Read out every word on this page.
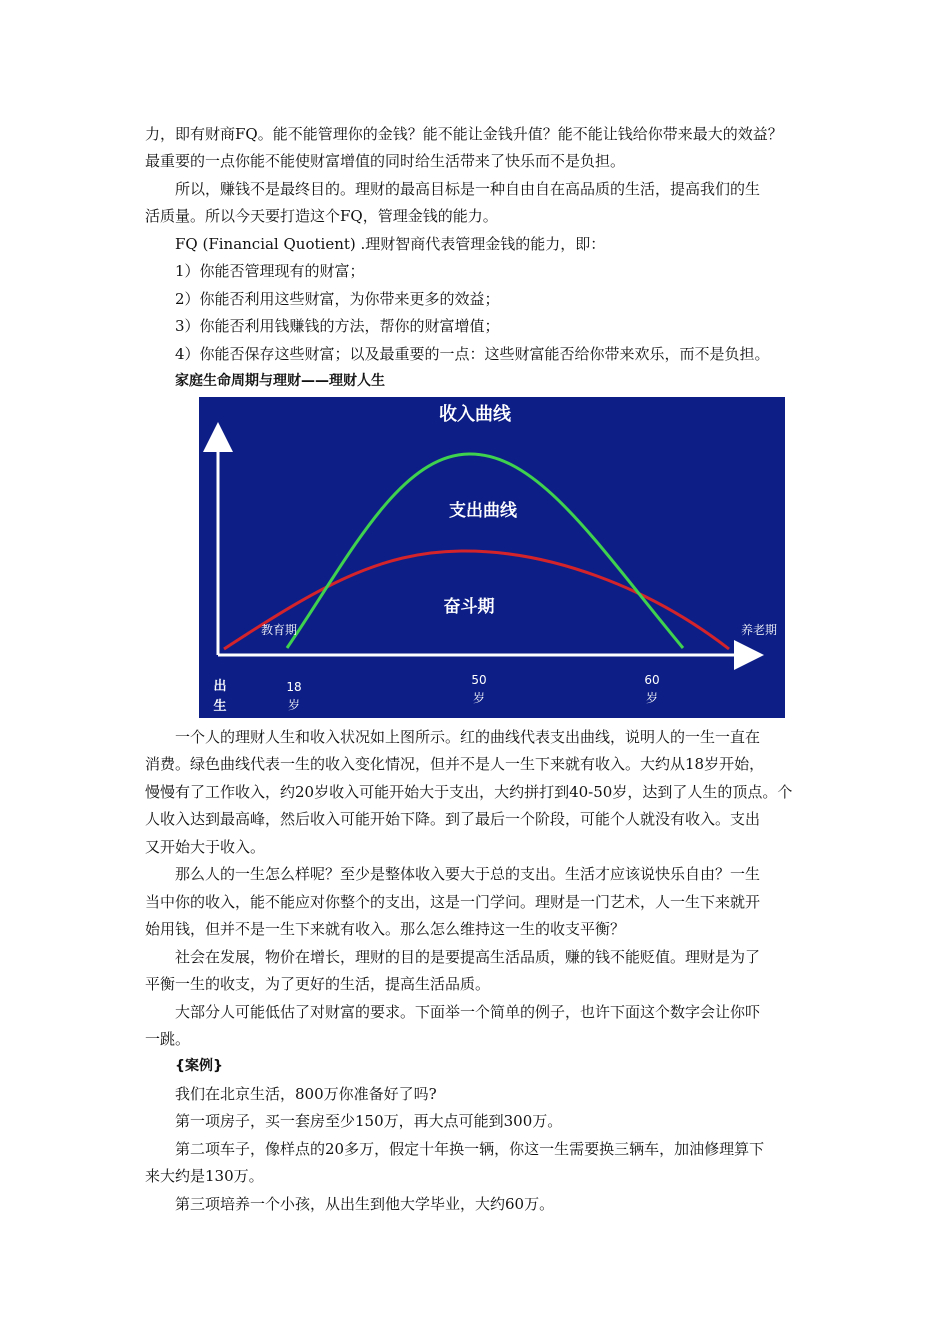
力，即有财商FQ。能不能管理你的金钱？能不能让金钱升值？能不能让钱给你带来最大的效益？
最重要的一点你能不能使财富增值的同时给生活带来了快乐而不是负担。
所以，赚钱不是最终目的。理财的最高目标是一种自由自在高品质的生活，提高我们的生
活质量。所以今天要打造这个FQ，管理金钱的能力。
FQ (Financial Quotient) .理财智商代表管理金钱的能力，即：
1）你能否管理现有的财富；
2）你能否利用这些财富，为你带来更多的效益；
3）你能否利用钱赚钱的方法，帮你的财富增值；
4）你能否保存这些财富；以及最重要的一点：这些财富能否给你带来欢乐，而不是负担。
家庭生命周期与理财——理财人生
收入曲线
支出曲线
奋斗期
教育期	养老期
出
生
18
岁
50
岁
60
岁
一个人的理财人生和收入状况如上图所示。红的曲线代表支出曲线，说明人的一生一直在
消费。绿色曲线代表一生的收入变化情况，但并不是人一生下来就有收入。大约从18岁开始，
慢慢有了工作收入，约20岁收入可能开始大于支出，大约拼打到40-50岁，达到了人生的顶点。个
人收入达到最高峰，然后收入可能开始下降。到了最后一个阶段，可能个人就没有收入。支出
又开始大于收入。
那么人的一生怎么样呢？至少是整体收入要大于总的支出。生活才应该说快乐自由？一生
当中你的收入，能不能应对你整个的支出，这是一门学问。理财是一门艺术，人一生下来就开
始用钱，但并不是一生下来就有收入。那么怎么维持这一生的收支平衡？
社会在发展，物价在增长，理财的目的是要提高生活品质，赚的钱不能贬值。理财是为了
平衡一生的收支，为了更好的生活，提高生活品质。
大部分人可能低估了对财富的要求。下面举一个简单的例子，也许下面这个数字会让你吓
一跳。
{案例}
我们在北京生活，800万你准备好了吗?
第一项房子，买一套房至少150万，再大点可能到300万。
第二项车子，像样点的20多万，假定十年换一辆，你这一生需要换三辆车，加油修理算下
来大约是130万。
第三项培养一个小孩，从出生到他大学毕业，大约60万。
